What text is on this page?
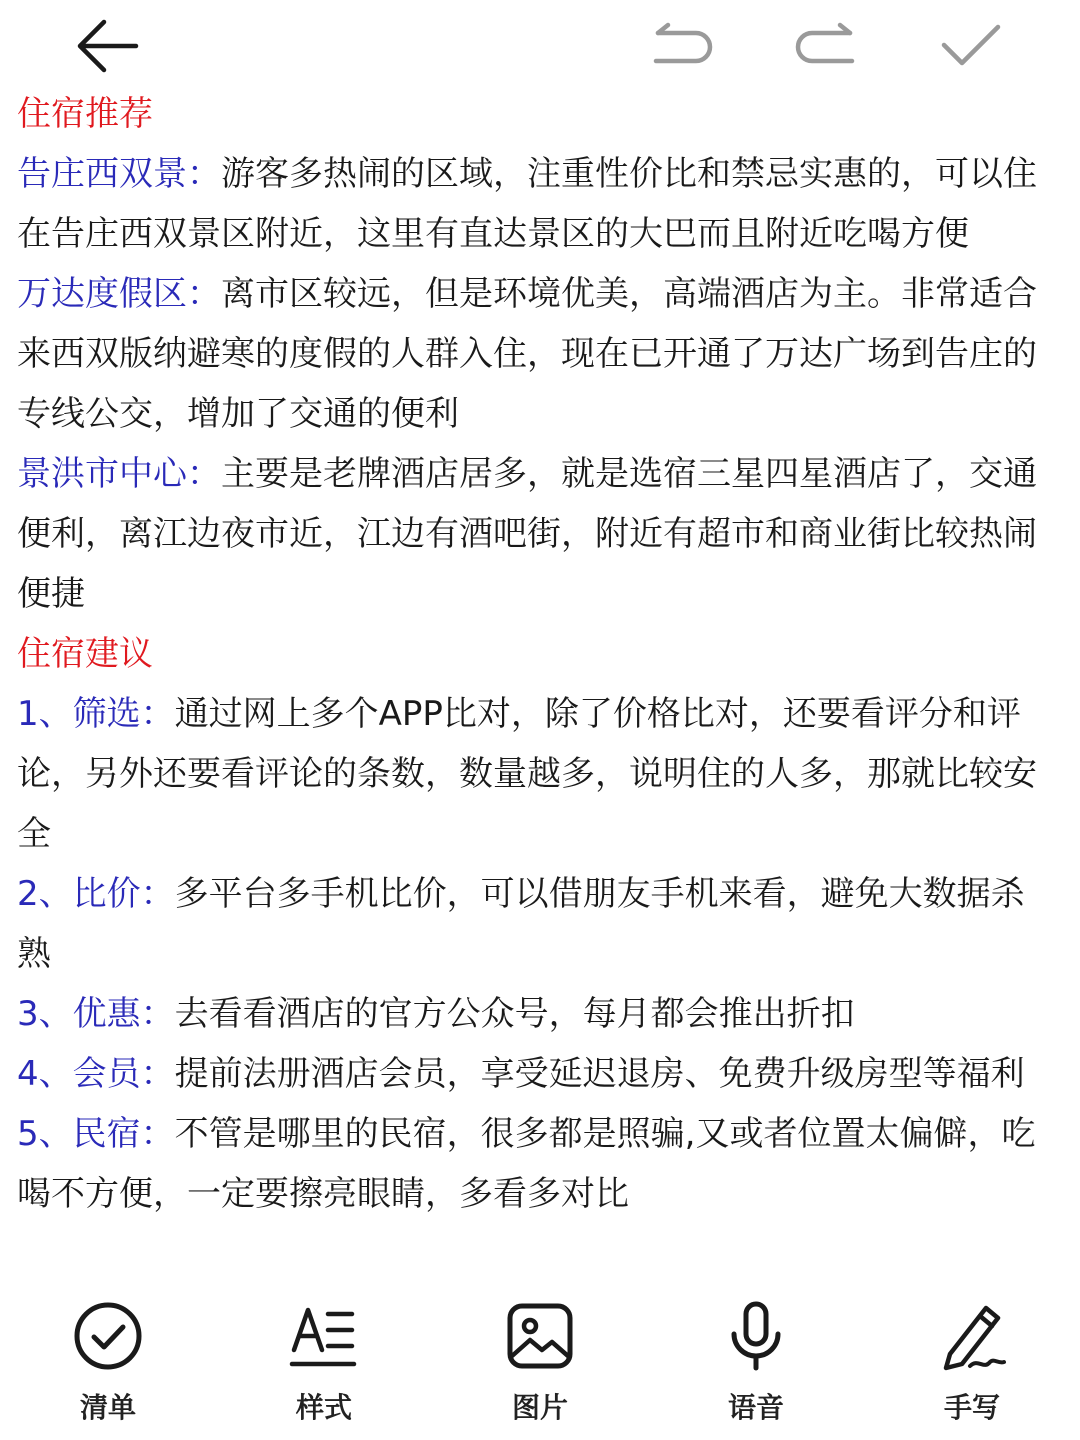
住宿推荐

告庄西双景：游客多热闹的区域，注重性价比和禁忌实惠的，可以住在告庄西双景区附近，这里有直达景区的大巴而且附近吃喝方便

万达度假区：离市区较远，但是环境优美，高端酒店为主。非常适合来西双版纳避寒的度假的人群入住，现在已开通了万达广场到告庄的专线公交，增加了交通的便利

景洪市中心：主要是老牌酒店居多，就是选宿三星四星酒店了，交通便利，离江边夜市近，江边有酒吧街，附近有超市和商业街比较热闹便捷

住宿建议

1、筛选：通过网上多个APP比对，除了价格比对，还要看评分和评论，另外还要看评论的条数，数量越多，说明住的人多，那就比较安全

2、比价：多平台多手机比价，可以借朋友手机来看，避免大数据杀熟

3、优惠：去看看酒店的官方公众号，每月都会推出折扣

4、会员：提前法册酒店会员，享受延迟退房、免费升级房型等福利

5、民宿：不管是哪里的民宿，很多都是照骗,又或者位置太偏僻，吃喝不方便，一定要擦亮眼睛，多看多对比

清单	样式	图片	语音	手写
